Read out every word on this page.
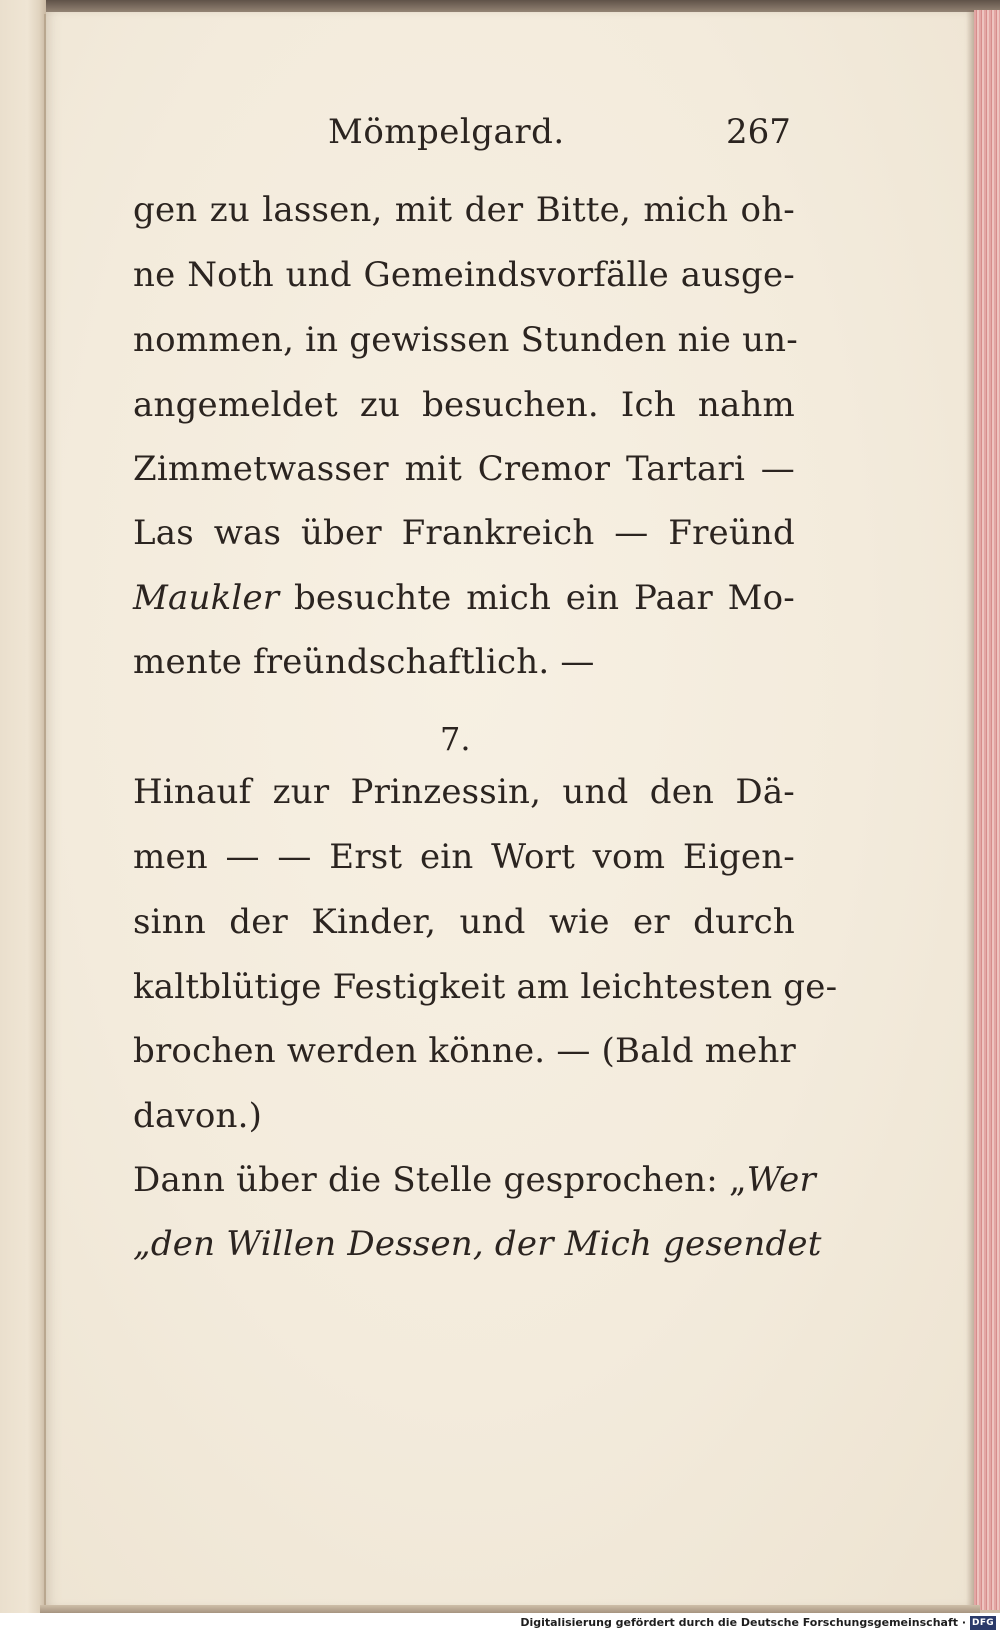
Mömpelgard.	267
gen zu lassen, mit der Bitte, mich oh-
ne Noth und Gemeindsvorfälle ausge-
nommen, in gewissen Stunden nie un-
angemeldet zu besuchen. Ich nahm
Zimmetwasser mit Cremor Tartari —
Las was über Frankreich — Freünd
Maukler besuchte mich ein Paar Mo-
mente freündschaftlich. —
7.
Hinauf zur Prinzessin, und den Dä-
men — — Erst ein Wort vom Eigen-
sinn der Kinder, und wie er durch
kaltblütige Festigkeit am leichtesten ge-
brochen werden könne. — (Bald mehr
davon.)
Dann über die Stelle gesprochen: „Wer
„den Willen Dessen, der Mich gesendet
Digitalisierung gefördert durch die Deutsche Forschungsgemeinschaft · DFG
